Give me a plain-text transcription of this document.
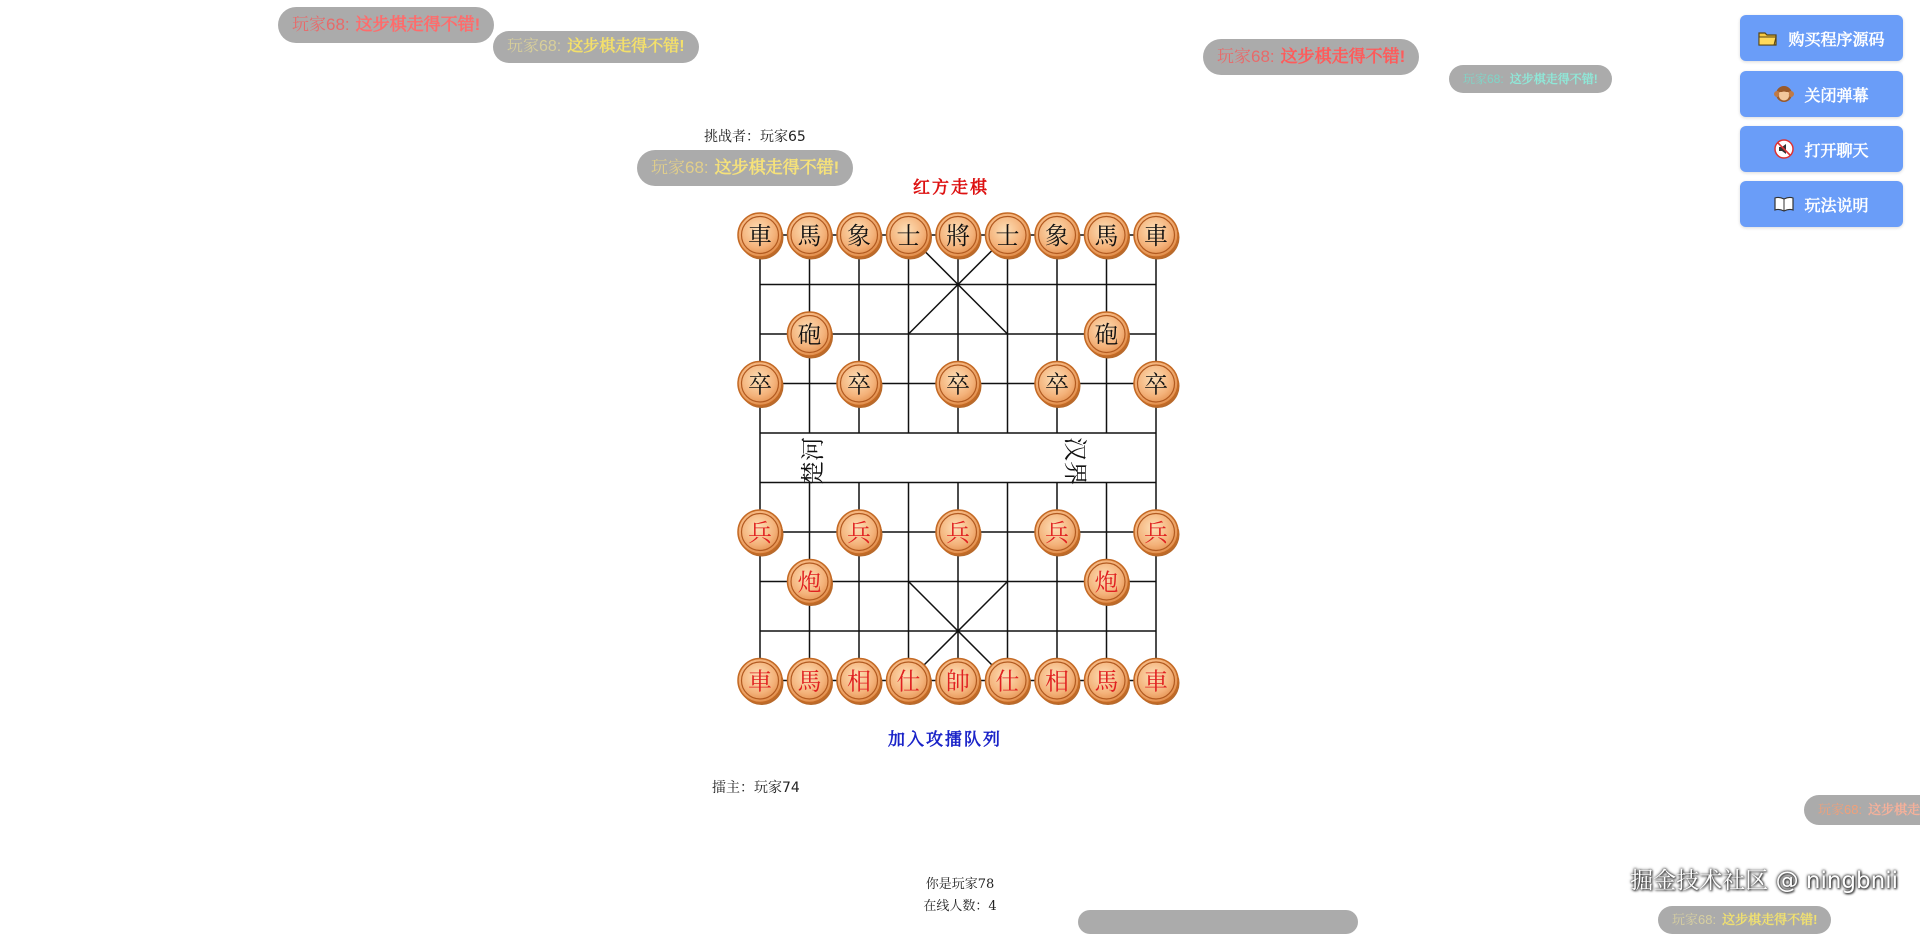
玩家68: 这步棋走得不错!
玩家68: 这步棋走得不错!
玩家68: 这步棋走得不错!
玩家68: 这步棋走得不错!
玩家68: 这步棋走得不错!
玩家68: 这步棋走
玩家68: 这步棋走得不错!
购买程序源码
关闭弹幕
打开聊天
玩法说明
挑战者：玩家65
红方走棋
加入攻擂队列
擂主：玩家74
你是玩家78
在线人数：4
掘金技术社区 @ ningbnii
楚河	汉界
車 馬 象 士 將 士 象 馬 車
砲	砲
卒	卒	卒	卒	卒
兵	兵	兵	兵	兵
炮	炮
車 馬 相 仕 帥 仕 相 馬 車
